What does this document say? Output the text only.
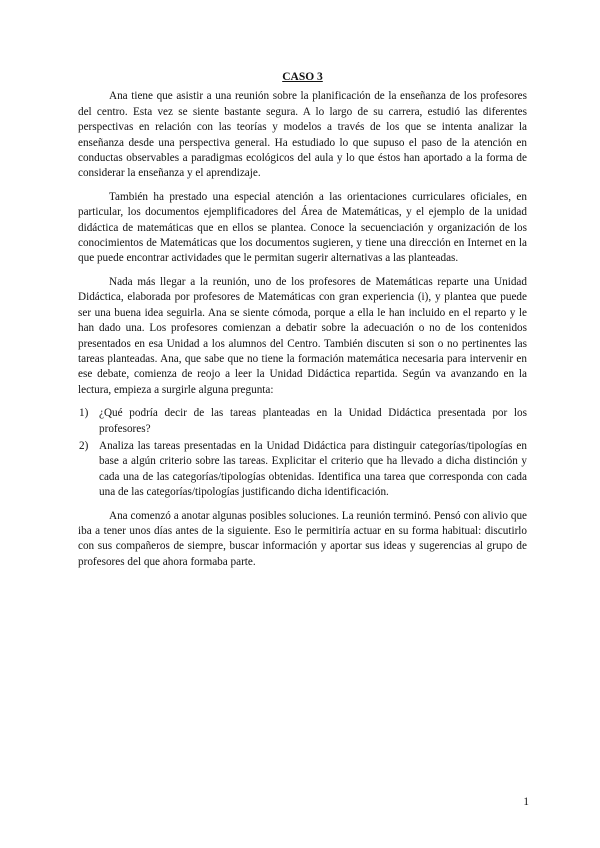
CASO 3

Ana tiene que asistir a una reunión sobre la planificación de la enseñanza de los profesores del centro. Esta vez se siente bastante segura. A lo largo de su carrera, estudió las diferentes perspectivas en relación con las teorías y modelos a través de los que se intenta analizar la enseñanza desde una perspectiva general. Ha estudiado lo que supuso el paso de la atención en conductas observables a paradigmas ecológicos del aula y lo que éstos han aportado a la forma de considerar la enseñanza y el aprendizaje.

También ha prestado una especial atención a las orientaciones curriculares oficiales, en particular, los documentos ejemplificadores del Área de Matemáticas, y el ejemplo de la unidad didáctica de matemáticas que en ellos se plantea. Conoce la secuenciación y organización de los conocimientos de Matemáticas que los documentos sugieren, y tiene una dirección en Internet en la que puede encontrar actividades que le permitan sugerir alternativas a las planteadas.

Nada más llegar a la reunión, uno de los profesores de Matemáticas reparte una Unidad Didáctica, elaborada por profesores de Matemáticas con gran experiencia (i), y plantea que puede ser una buena idea seguirla. Ana se siente cómoda, porque a ella le han incluido en el reparto y le han dado una. Los profesores comienzan a debatir sobre la adecuación o no de los contenidos presentados en esa Unidad a los alumnos del Centro. También discuten si son o no pertinentes las tareas planteadas. Ana, que sabe que no tiene la formación matemática necesaria para intervenir en ese debate, comienza de reojo a leer la Unidad Didáctica repartida. Según va avanzando en la lectura, empieza a surgirle alguna pregunta:

1) ¿Qué podría decir de las tareas planteadas en la Unidad Didáctica presentada por los profesores?
2) Analiza las tareas presentadas en la Unidad Didáctica para distinguir categorías/tipologías en base a algún criterio sobre las tareas. Explicitar el criterio que ha llevado a dicha distinción y cada una de las categorías/tipologías obtenidas. Identifica una tarea que corresponda con cada una de las categorías/tipologías justificando dicha identificación.

Ana comenzó a anotar algunas posibles soluciones. La reunión terminó. Pensó con alivio que iba a tener unos días antes de la siguiente. Eso le permitiría actuar en su forma habitual: discutirlo con sus compañeros de siempre, buscar información y aportar sus ideas y sugerencias al grupo de profesores del que ahora formaba parte.

1
